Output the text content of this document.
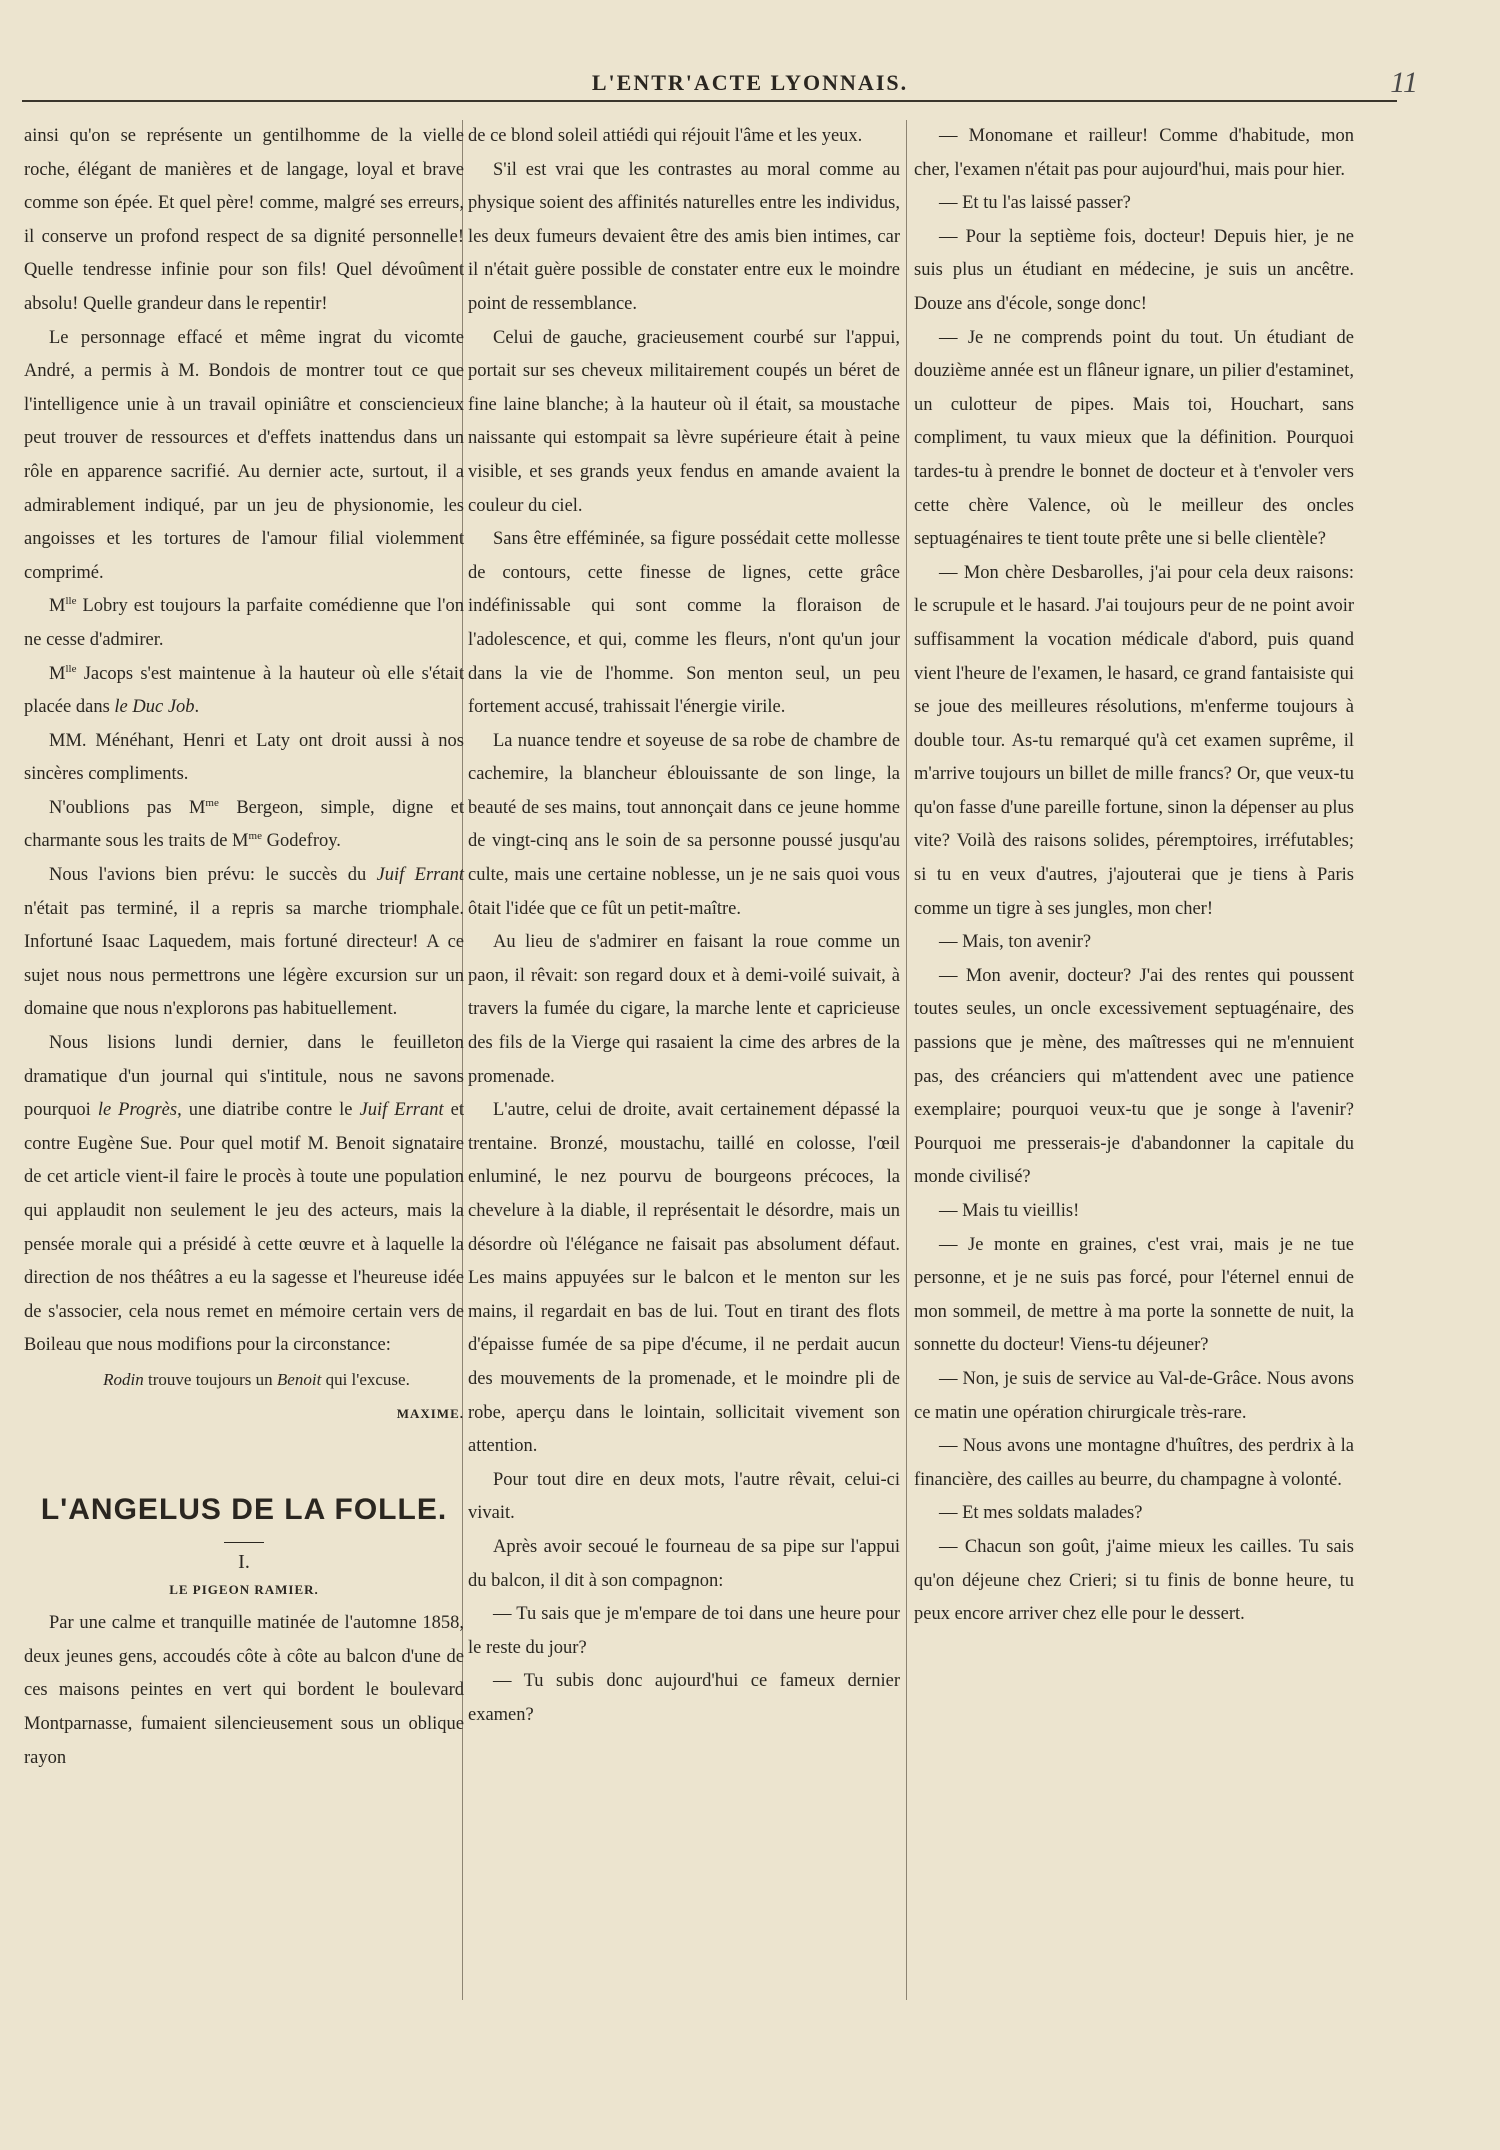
L'ENTR'ACTE LYONNAIS.	11

ainsi qu'on se représente un gentilhomme de la vielle roche, élégant de manières et de langage, loyal et brave comme son épée. Et quel père! comme, malgré ses erreurs, il conserve un profond respect de sa dignité personnelle! Quelle tendresse infinie pour son fils! Quel dévoûment absolu! Quelle grandeur dans le repentir!

Le personnage effacé et même ingrat du vicomte André, a permis à M. Bondois de montrer tout ce que l'intelligence unie à un travail opiniâtre et consciencieux peut trouver de ressources et d'effets inattendus dans un rôle en apparence sacrifié. Au dernier acte, surtout, il a admirablement indiqué, par un jeu de physionomie, les angoisses et les tortures de l'amour filial violemment comprimé.

$M^{lle}$ Lobry est toujours la parfaite comédienne que l'on ne cesse d'admirer.

$M^{lle}$ Jacops s'est maintenue à la hauteur où elle s'était placée dans le Duc Job.

MM. Ménéhant, Henri et Laty ont droit aussi à nos sincères compliments.

N'oublions pas $M^{me}$ Bergeon, simple, digne et charmante sous les traits de $M^{me}$ Godefroy.

Nous l'avions bien prévu: le succès du Juif Errant n'était pas terminé, il a repris sa marche triomphale. Infortuné Isaac Laquedem, mais fortuné directeur! A ce sujet nous nous permettrons une légère excursion sur un domaine que nous n'explorons pas habituellement.

Nous lisions lundi dernier, dans le feuilleton dramatique d'un journal qui s'intitule, nous ne savons pourquoi le Progrès, une diatribe contre le Juif Errant et contre Eugène Sue. Pour quel motif M. Benoit signataire de cet article vient-il faire le procès à toute une population qui applaudit non seulement le jeu des acteurs, mais la pensée morale qui a présidé à cette œuvre et à laquelle la direction de nos théâtres a eu la sagesse et l'heureuse idée de s'associer, cela nous remet en mémoire certain vers de Boileau que nous modifions pour la circonstance:

Rodin trouve toujours un Benoit qui l'excuse.

MAXIME.

L'ANGELUS DE LA FOLLE.
I.
LE PIGEON RAMIER.

Par une calme et tranquille matinée de l'automne 1858, deux jeunes gens, accoudés côte à côte au balcon d'une de ces maisons peintes en vert qui bordent le boulevard Montparnasse, fumaient silencieusement sous un oblique rayon

de ce blond soleil attiédi qui réjouit l'âme et les yeux.

S'il est vrai que les contrastes au moral comme au physique soient des affinités naturelles entre les individus, les deux fumeurs devaient être des amis bien intimes, car il n'était guère possible de constater entre eux le moindre point de ressemblance.

Celui de gauche, gracieusement courbé sur l'appui, portait sur ses cheveux militairement coupés un béret de fine laine blanche; à la hauteur où il était, sa moustache naissante qui estompait sa lèvre supérieure était à peine visible, et ses grands yeux fendus en amande avaient la couleur du ciel.

Sans être efféminée, sa figure possédait cette mollesse de contours, cette finesse de lignes, cette grâce indéfinissable qui sont comme la floraison de l'adolescence, et qui, comme les fleurs, n'ont qu'un jour dans la vie de l'homme. Son menton seul, un peu fortement accusé, trahissait l'énergie virile.

La nuance tendre et soyeuse de sa robe de chambre de cachemire, la blancheur éblouissante de son linge, la beauté de ses mains, tout annonçait dans ce jeune homme de vingt-cinq ans le soin de sa personne poussé jusqu'au culte, mais une certaine noblesse, un je ne sais quoi vous ôtait l'idée que ce fût un petit-maître.

Au lieu de s'admirer en faisant la roue comme un paon, il rêvait: son regard doux et à demi-voilé suivait, à travers la fumée du cigare, la marche lente et capricieuse des fils de la Vierge qui rasaient la cime des arbres de la promenade.

L'autre, celui de droite, avait certainement dépassé la trentaine. Bronzé, moustachu, taillé en colosse, l'œil enluminé, le nez pourvu de bourgeons précoces, la chevelure à la diable, il représentait le désordre, mais un désordre où l'élégance ne faisait pas absolument défaut. Les mains appuyées sur le balcon et le menton sur les mains, il regardait en bas de lui. Tout en tirant des flots d'épaisse fumée de sa pipe d'écume, il ne perdait aucun des mouvements de la promenade, et le moindre pli de robe, aperçu dans le lointain, sollicitait vivement son attention.

Pour tout dire en deux mots, l'autre rêvait, celui-ci vivait.

Après avoir secoué le fourneau de sa pipe sur l'appui du balcon, il dit à son compagnon:

— Tu sais que je m'empare de toi dans une heure pour le reste du jour?

— Tu subis donc aujourd'hui ce fameux dernier examen?

— Monomane et railleur! Comme d'habitude, mon cher, l'examen n'était pas pour aujourd'hui, mais pour hier.

— Et tu l'as laissé passer?

— Pour la septième fois, docteur! Depuis hier, je ne suis plus un étudiant en médecine, je suis un ancêtre. Douze ans d'école, songe donc!

— Je ne comprends point du tout. Un étudiant de douzième année est un flâneur ignare, un pilier d'estaminet, un culotteur de pipes. Mais toi, Houchart, sans compliment, tu vaux mieux que la définition. Pourquoi tardes-tu à prendre le bonnet de docteur et à t'envoler vers cette chère Valence, où le meilleur des oncles septuagénaires te tient toute prête une si belle clientèle?

— Mon chère Desbarolles, j'ai pour cela deux raisons: le scrupule et le hasard. J'ai toujours peur de ne point avoir suffisamment la vocation médicale d'abord, puis quand vient l'heure de l'examen, le hasard, ce grand fantaisiste qui se joue des meilleures résolutions, m'enferme toujours à double tour. As-tu remarqué qu'à cet examen suprême, il m'arrive toujours un billet de mille francs? Or, que veux-tu qu'on fasse d'une pareille fortune, sinon la dépenser au plus vite? Voilà des raisons solides, péremptoires, irréfutables; si tu en veux d'autres, j'ajouterai que je tiens à Paris comme un tigre à ses jungles, mon cher!

— Mais, ton avenir?

— Mon avenir, docteur? J'ai des rentes qui poussent toutes seules, un oncle excessivement septuagénaire, des passions que je mène, des maîtresses qui ne m'ennuient pas, des créanciers qui m'attendent avec une patience exemplaire; pourquoi veux-tu que je songe à l'avenir? Pourquoi me presserais-je d'abandonner la capitale du monde civilisé?

— Mais tu vieillis!

— Je monte en graines, c'est vrai, mais je ne tue personne, et je ne suis pas forcé, pour l'éternel ennui de mon sommeil, de mettre à ma porte la sonnette de nuit, la sonnette du docteur! Viens-tu déjeuner?

— Non, je suis de service au Val-de-Grâce. Nous avons ce matin une opération chirurgicale très-rare.

— Nous avons une montagne d'huîtres, des perdrix à la financière, des cailles au beurre, du champagne à volonté.

— Et mes soldats malades?

— Chacun son goût, j'aime mieux les cailles. Tu sais qu'on déjeune chez Crieri; si tu finis de bonne heure, tu peux encore arriver chez elle pour le dessert.
